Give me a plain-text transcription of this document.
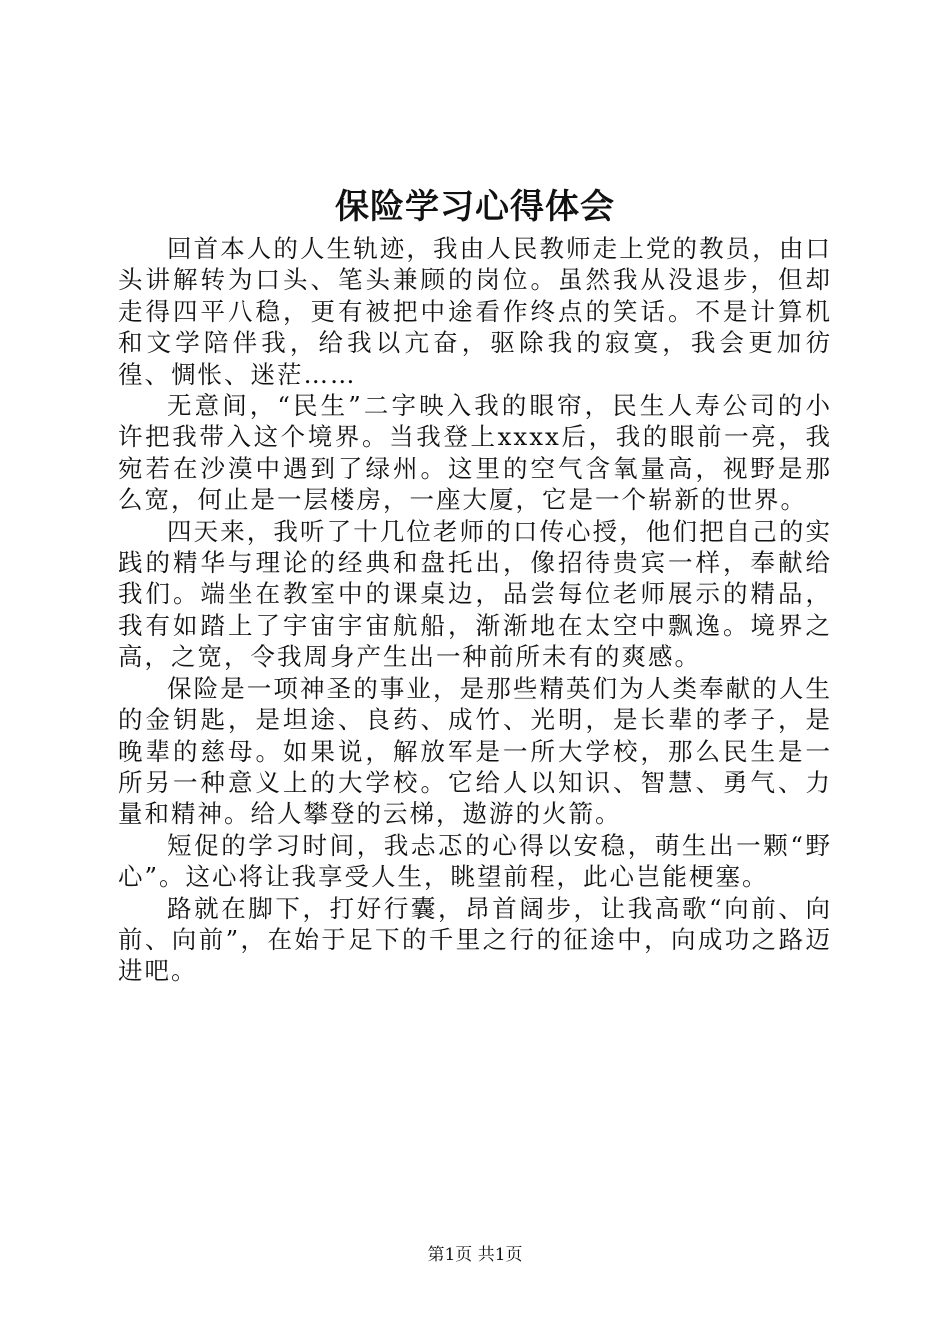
保险学习心得体会

回首本人的人生轨迹，我由人民教师走上党的教员，由口头讲解转为口头、笔头兼顾的岗位。虽然我从没退步，但却走得四平八稳，更有被把中途看作终点的笑话。不是计算机和文学陪伴我，给我以亢奋，驱除我的寂寞，我会更加彷徨、惆怅、迷茫……

无意间，“民生”二字映入我的眼帘，民生人寿公司的小许把我带入这个境界。当我登上xxxx后，我的眼前一亮，我宛若在沙漠中遇到了绿州。这里的空气含氧量高，视野是那么宽，何止是一层楼房，一座大厦，它是一个崭新的世界。

四天来，我听了十几位老师的口传心授，他们把自己的实践的精华与理论的经典和盘托出，像招待贵宾一样，奉献给我们。端坐在教室中的课桌边，品尝每位老师展示的精品，我有如踏上了宇宙宇宙航船，渐渐地在太空中飘逸。境界之高，之宽，令我周身产生出一种前所未有的爽感。

保险是一项神圣的事业，是那些精英们为人类奉献的人生的金钥匙，是坦途、良药、成竹、光明，是长辈的孝子，是晚辈的慈母。如果说，解放军是一所大学校，那么民生是一所另一种意义上的大学校。它给人以知识、智慧、勇气、力量和精神。给人攀登的云梯，遨游的火箭。

短促的学习时间，我忐忑的心得以安稳，萌生出一颗“野心”。这心将让我享受人生，眺望前程，此心岂能梗塞。

路就在脚下，打好行囊，昂首阔步，让我高歌“向前、向前、向前”，在始于足下的千里之行的征途中，向成功之路迈进吧。

第1页 共1页
